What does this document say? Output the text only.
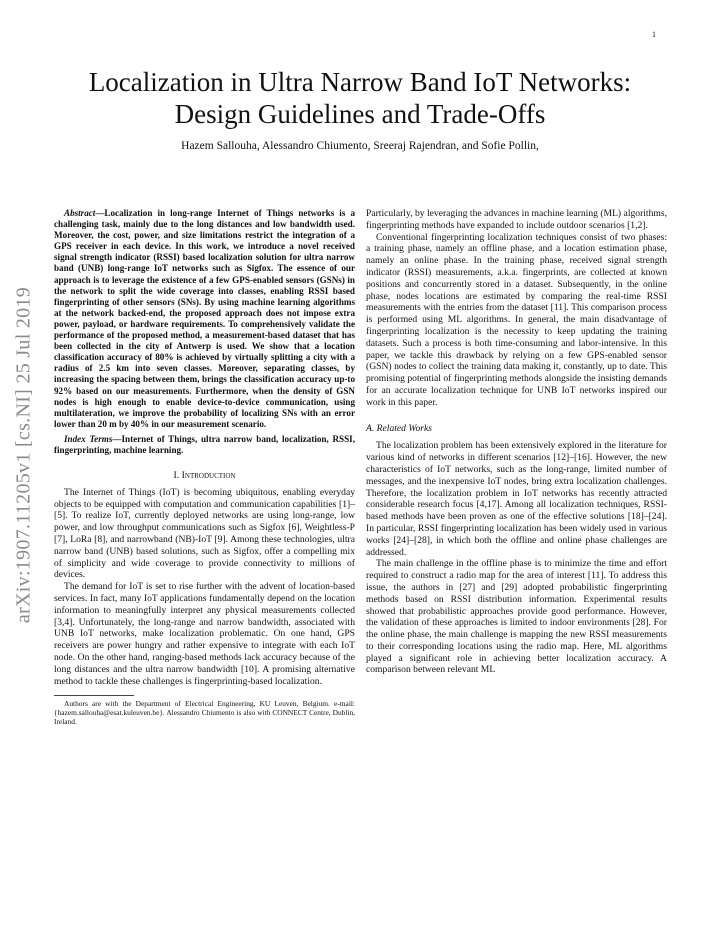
1
arXiv:1907.11205v1 [cs.NI] 25 Jul 2019
Localization in Ultra Narrow Band IoT Networks:
Design Guidelines and Trade-Offs
Hazem Sallouha, Alessandro Chiumento, Sreeraj Rajendran, and Sofie Pollin,

Abstract—Localization in long-range Internet of Things networks is a challenging task, mainly due to the long distances and low bandwidth used. Moreover, the cost, power, and size limitations restrict the integration of a GPS receiver in each device. In this work, we introduce a novel received signal strength indicator (RSSI) based localization solution for ultra narrow band (UNB) long-range IoT networks such as Sigfox. The essence of our approach is to leverage the existence of a few GPS-enabled sensors (GSNs) in the network to split the wide coverage into classes, enabling RSSI based fingerprinting of other sensors (SNs). By using machine learning algorithms at the network backed-end, the proposed approach does not impose extra power, payload, or hardware requirements. To comprehensively validate the performance of the proposed method, a measurement-based dataset that has been collected in the city of Antwerp is used. We show that a location classification accuracy of 80% is achieved by virtually splitting a city with a radius of 2.5 km into seven classes. Moreover, separating classes, by increasing the spacing between them, brings the classification accuracy up-to 92% based on our measurements. Furthermore, when the density of GSN nodes is high enough to enable device-to-device communication, using multilateration, we improve the probability of localizing SNs with an error lower than 20 m by 40% in our measurement scenario.

Index Terms—Internet of Things, ultra narrow band, localization, RSSI, fingerprinting, machine learning.

I. Introduction

The Internet of Things (IoT) is becoming ubiquitous, enabling everyday objects to be equipped with computation and communication capabilities [1]–[5]. To realize IoT, currently deployed networks are using long-range, low power, and low throughput communications such as Sigfox [6], Weightless-P [7], LoRa [8], and narrowband (NB)-IoT [9]. Among these technologies, ultra narrow band (UNB) based solutions, such as Sigfox, offer a compelling mix of simplicity and wide coverage to provide connectivity to millions of devices.

The demand for IoT is set to rise further with the advent of location-based services. In fact, many IoT applications fundamentally depend on the location information to meaningfully interpret any physical measurements collected [3,4]. Unfortunately, the long-range and narrow bandwidth, associated with UNB IoT networks, make localization problematic. On one hand, GPS receivers are power hungry and rather expensive to integrate with each IoT node. On the other hand, ranging-based methods lack accuracy because of the long distances and the ultra narrow bandwidth [10]. A promising alternative method to tackle these challenges is fingerprinting-based localization.

Authors are with the Department of Electrical Engineering, KU Leuven, Belgium. e-mail: {hazem.sallouha@esat.kuleuven.be}. Alessandro Chiumento is also with CONNECT Centre, Dublin, Ireland.

Particularly, by leveraging the advances in machine learning (ML) algorithms, fingerprinting methods have expanded to include outdoor scenarios [1,2].

Conventional fingerprinting localization techniques consist of two phases: a training phase, namely an offline phase, and a location estimation phase, namely an online phase. In the training phase, received signal strength indicator (RSSI) measurements, a.k.a. fingerprints, are collected at known positions and concurrently stored in a dataset. Subsequently, in the online phase, nodes locations are estimated by comparing the real-time RSSI measurements with the entries from the dataset [11]. This comparison process is performed using ML algorithms. In general, the main disadvantage of fingerprinting localization is the necessity to keep updating the training datasets. Such a process is both time-consuming and labor-intensive. In this paper, we tackle this drawback by relying on a few GPS-enabled sensor (GSN) nodes to collect the training data making it, constantly, up to date. This promising potential of fingerprinting methods alongside the insisting demands for an accurate localization technique for UNB IoT networks inspired our work in this paper.

A. Related Works

The localization problem has been extensively explored in the literature for various kind of networks in different scenarios [12]–[16]. However, the new characteristics of IoT networks, such as the long-range, limited number of messages, and the inexpensive IoT nodes, bring extra localization challenges. Therefore, the localization problem in IoT networks has recently attracted considerable research focus [4,17]. Among all localization techniques, RSSI-based methods have been proven as one of the effective solutions [18]–[24]. In particular, RSSI fingerprinting localization has been widely used in various works [24]–[28], in which both the offline and online phase challenges are addressed.

The main challenge in the offline phase is to minimize the time and effort required to construct a radio map for the area of interest [11]. To address this issue, the authors in [27] and [29] adopted probabilistic fingerprinting methods based on RSSI distribution information. Experimental results showed that probabilistic approaches provide good performance. However, the validation of these approaches is limited to indoor environments [28]. For the online phase, the main challenge is mapping the new RSSI measurements to their corresponding locations using the radio map. Here, ML algorithms played a significant role in achieving better localization accuracy. A comparison between relevant ML
